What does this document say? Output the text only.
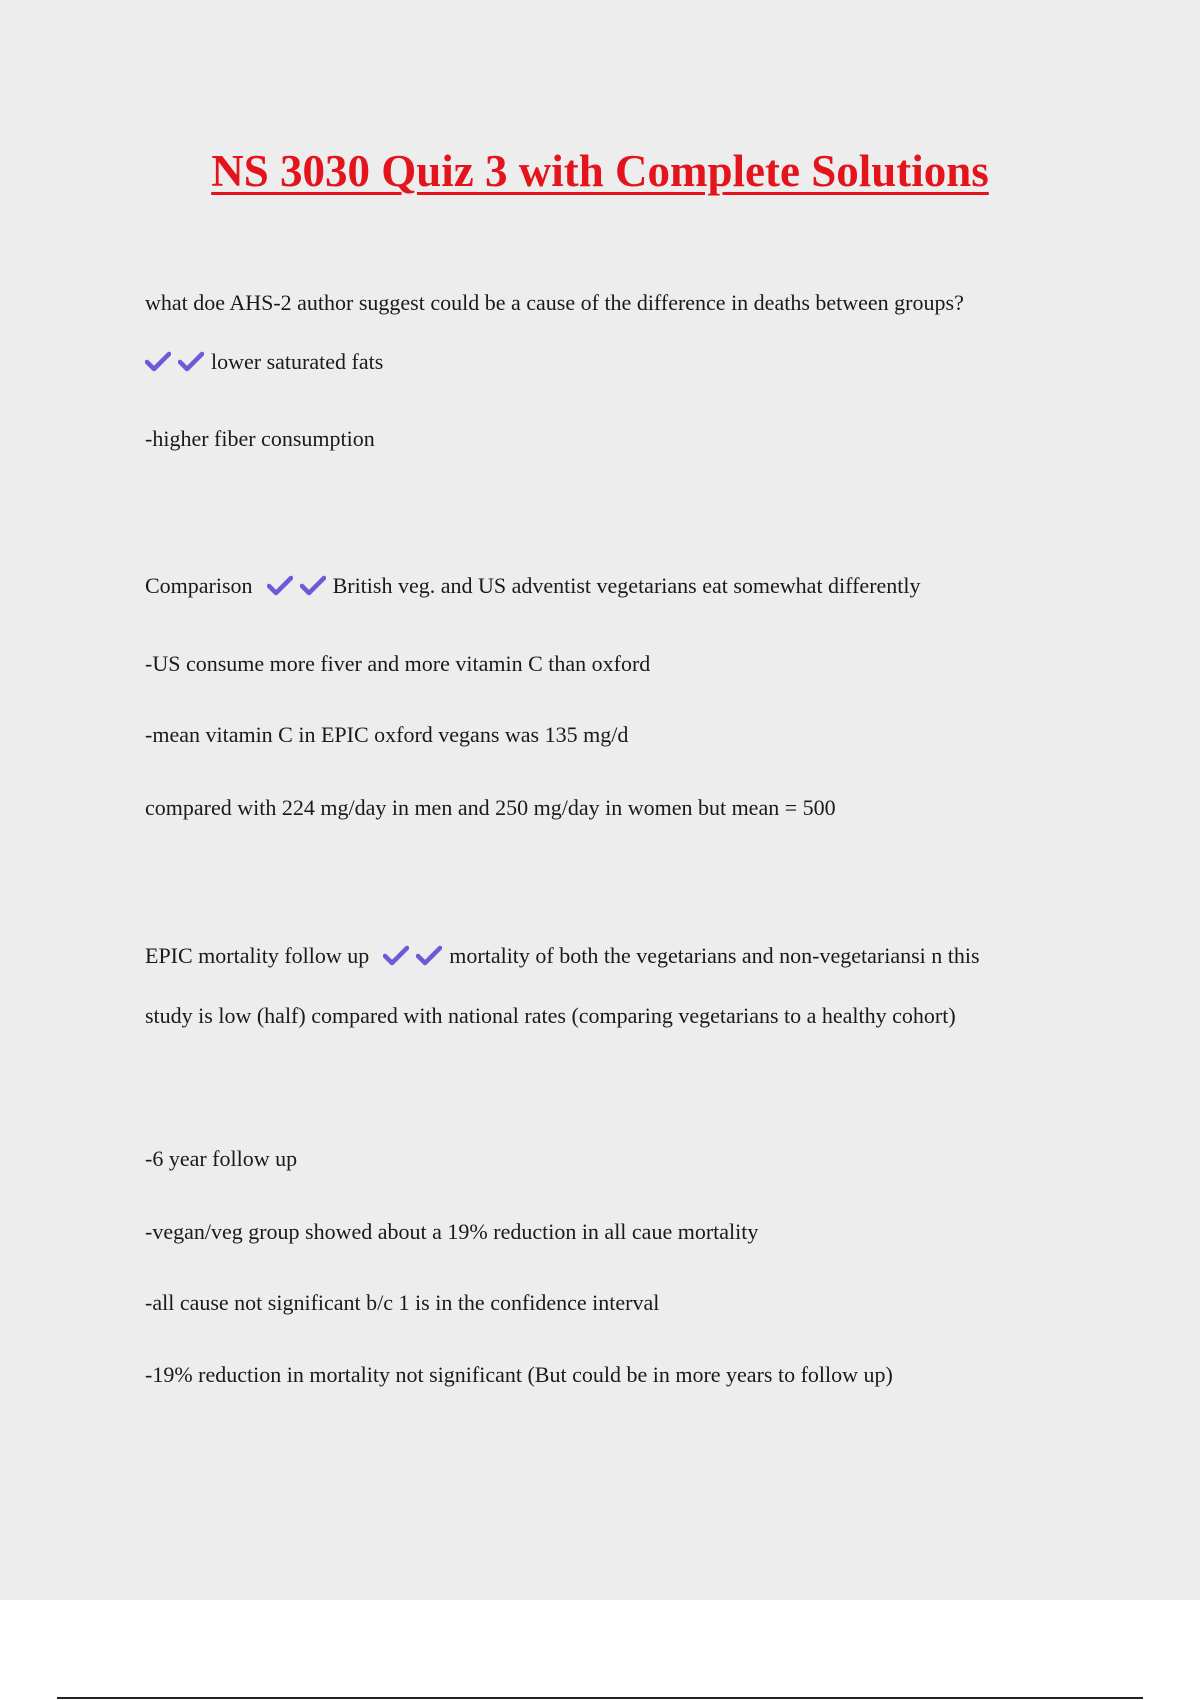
NS 3030 Quiz 3 with Complete Solutions

what doe AHS-2 author suggest could be a cause of the difference in deaths between groups?

lower saturated fats

-higher fiber consumption

Comparison	British veg. and US adventist vegetarians eat somewhat differently

-US consume more fiver and more vitamin C than oxford

-mean vitamin C in EPIC oxford vegans was 135 mg/d

compared with 224 mg/day in men and 250 mg/day in women but mean = 500

EPIC mortality follow up	mortality of both the vegetarians and non-vegetariansi n this

study is low (half) compared with national rates (comparing vegetarians to a healthy cohort)

-6 year follow up

-vegan/veg group showed about a 19% reduction in all caue mortality

-all cause not significant b/c 1 is in the confidence interval

-19% reduction in mortality not significant (But could be in more years to follow up)
